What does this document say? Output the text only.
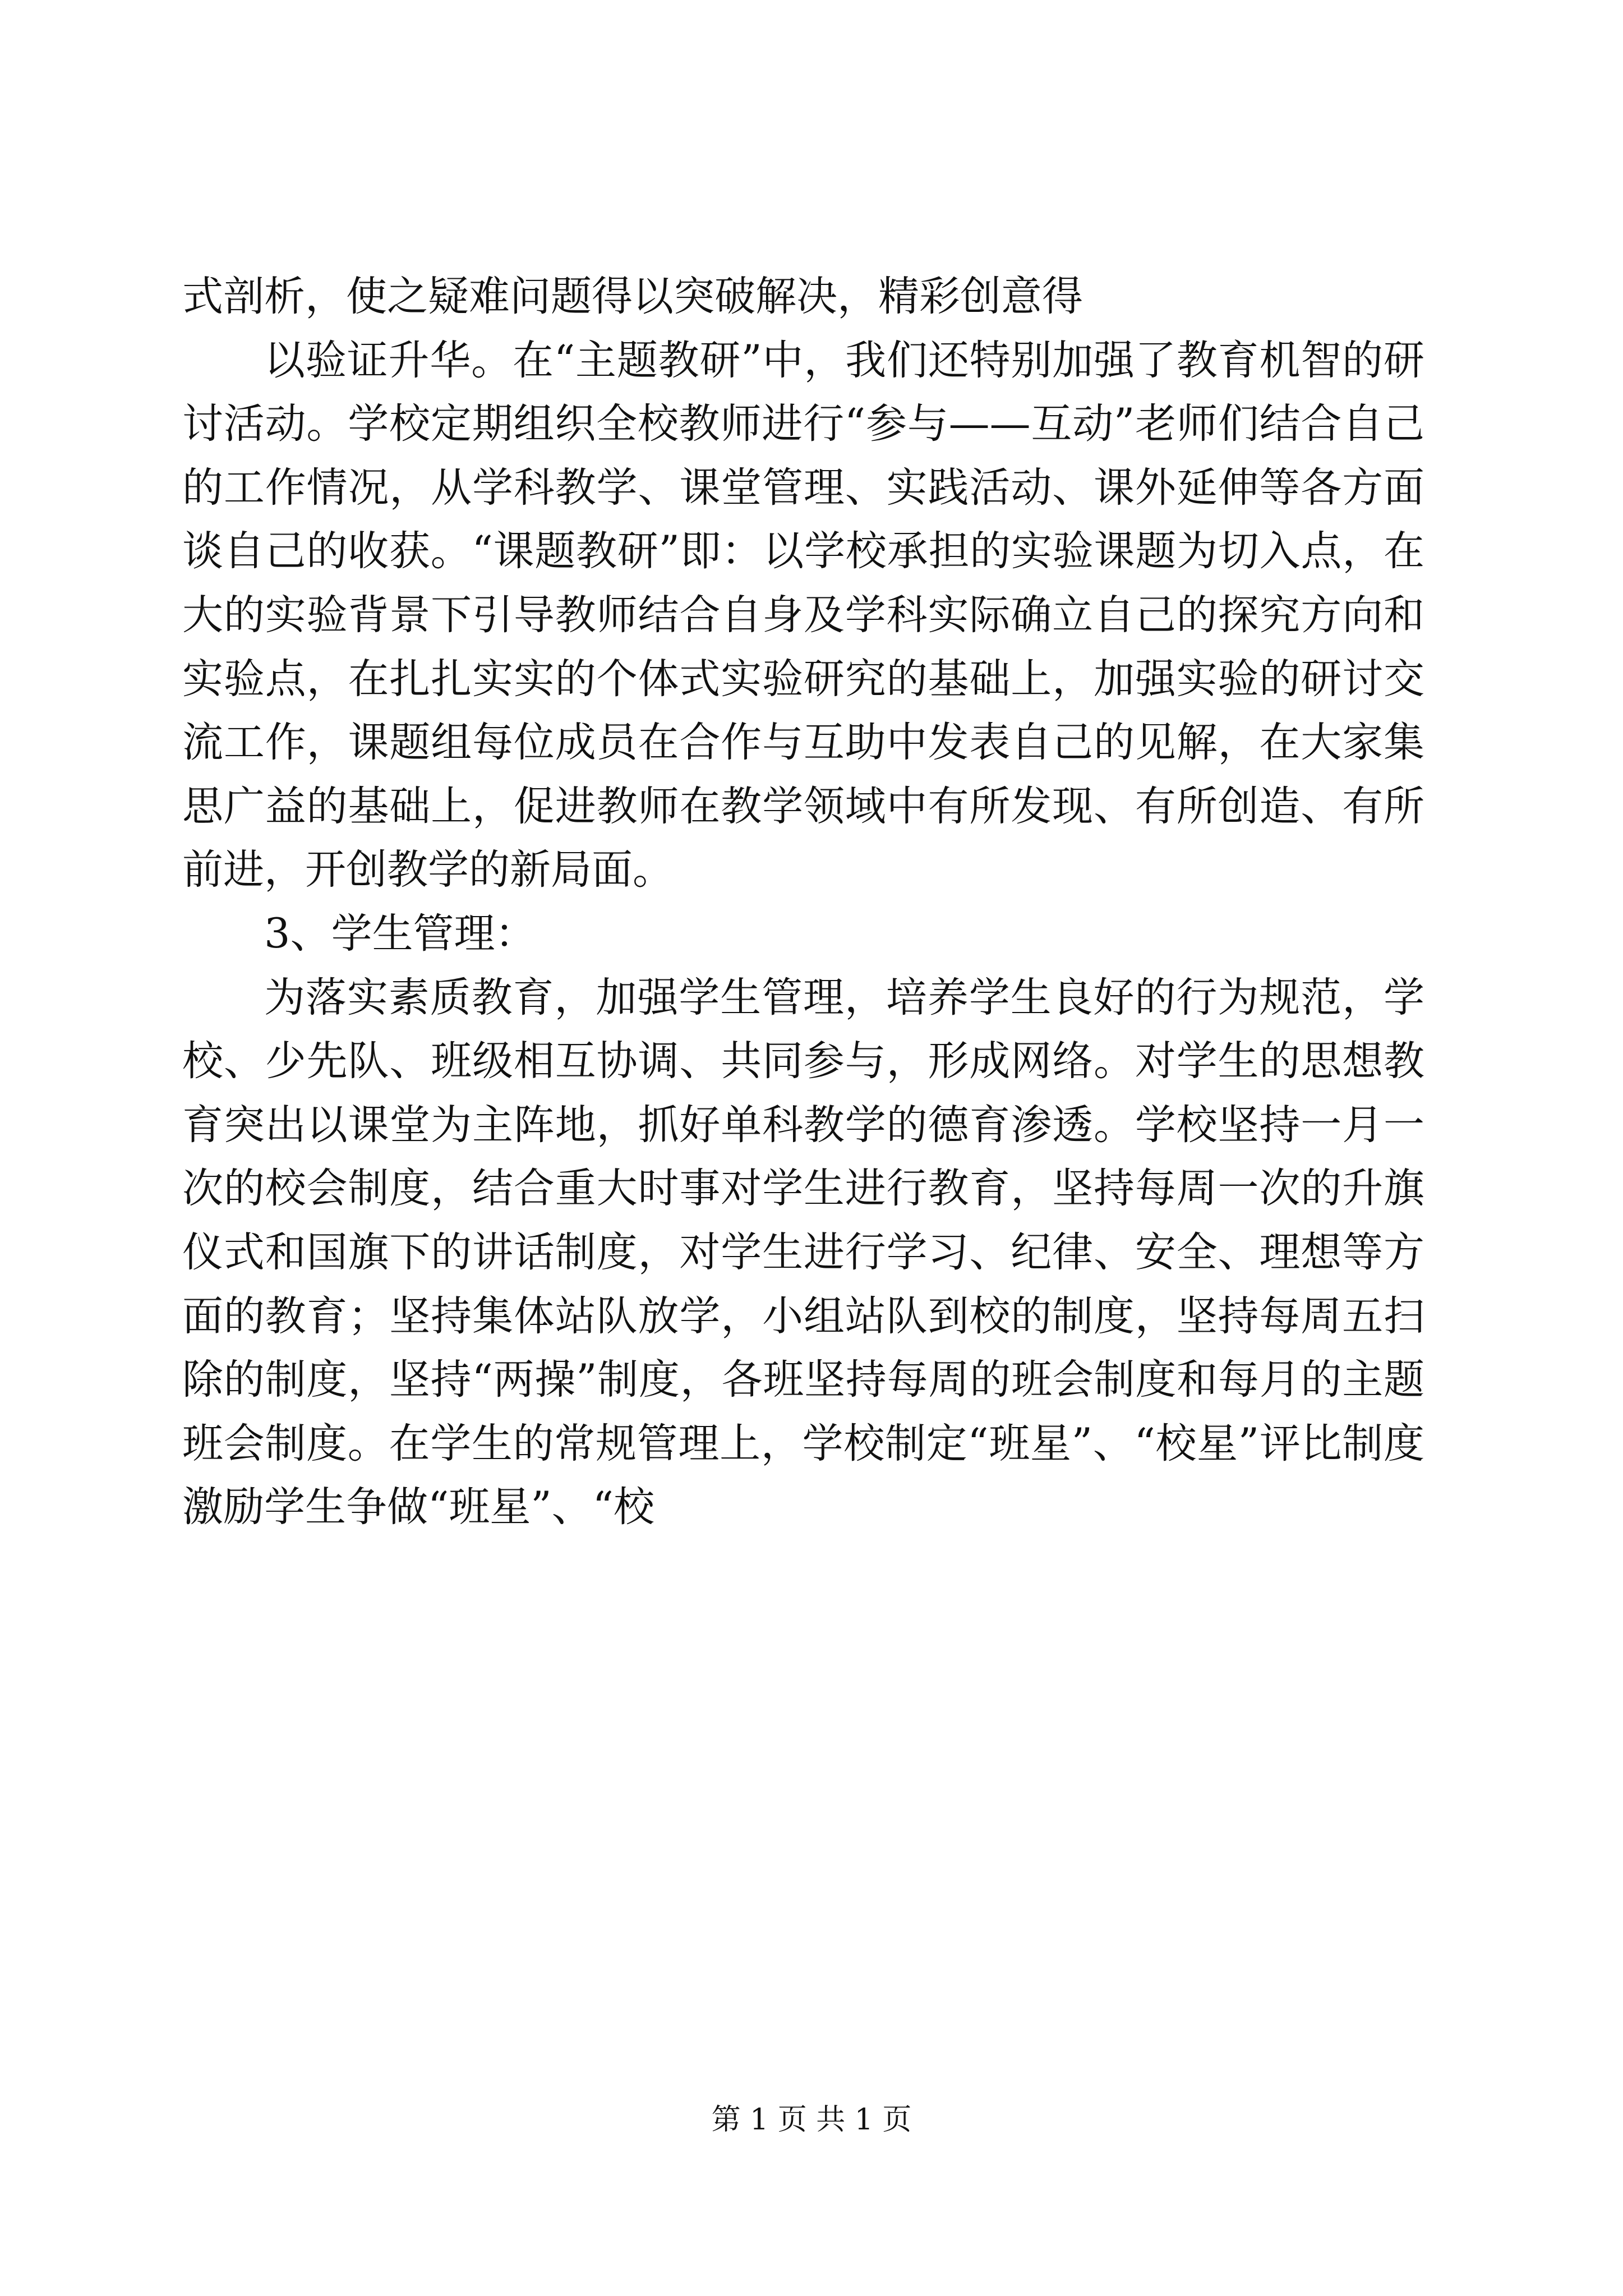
式剖析，使之疑难问题得以突破解决，精彩创意得

以验证升华。在“主题教研”中，我们还特别加强了教育机智的研讨活动。学校定期组织全校教师进行“参与——互动”老师们结合自己的工作情况，从学科教学、课堂管理、实践活动、课外延伸等各方面谈自己的收获。“课题教研”即：以学校承担的实验课题为切入点，在大的实验背景下引导教师结合自身及学科实际确立自己的探究方向和实验点，在扎扎实实的个体式实验研究的基础上，加强实验的研讨交流工作，课题组每位成员在合作与互助中发表自己的见解，在大家集思广益的基础上，促进教师在教学领域中有所发现、有所创造、有所前进，开创教学的新局面。

3、学生管理：

为落实素质教育，加强学生管理，培养学生良好的行为规范，学校、少先队、班级相互协调、共同参与，形成网络。对学生的思想教育突出以课堂为主阵地，抓好单科教学的德育渗透。学校坚持一月一次的校会制度，结合重大时事对学生进行教育，坚持每周一次的升旗仪式和国旗下的讲话制度，对学生进行学习、纪律、安全、理想等方面的教育；坚持集体站队放学，小组站队到校的制度，坚持每周五扫除的制度，坚持“两操”制度，各班坚持每周的班会制度和每月的主题班会制度。在学生的常规管理上，学校制定“班星”、“校星”评比制度激励学生争做“班星”、“校

第 1 页 共 1 页
